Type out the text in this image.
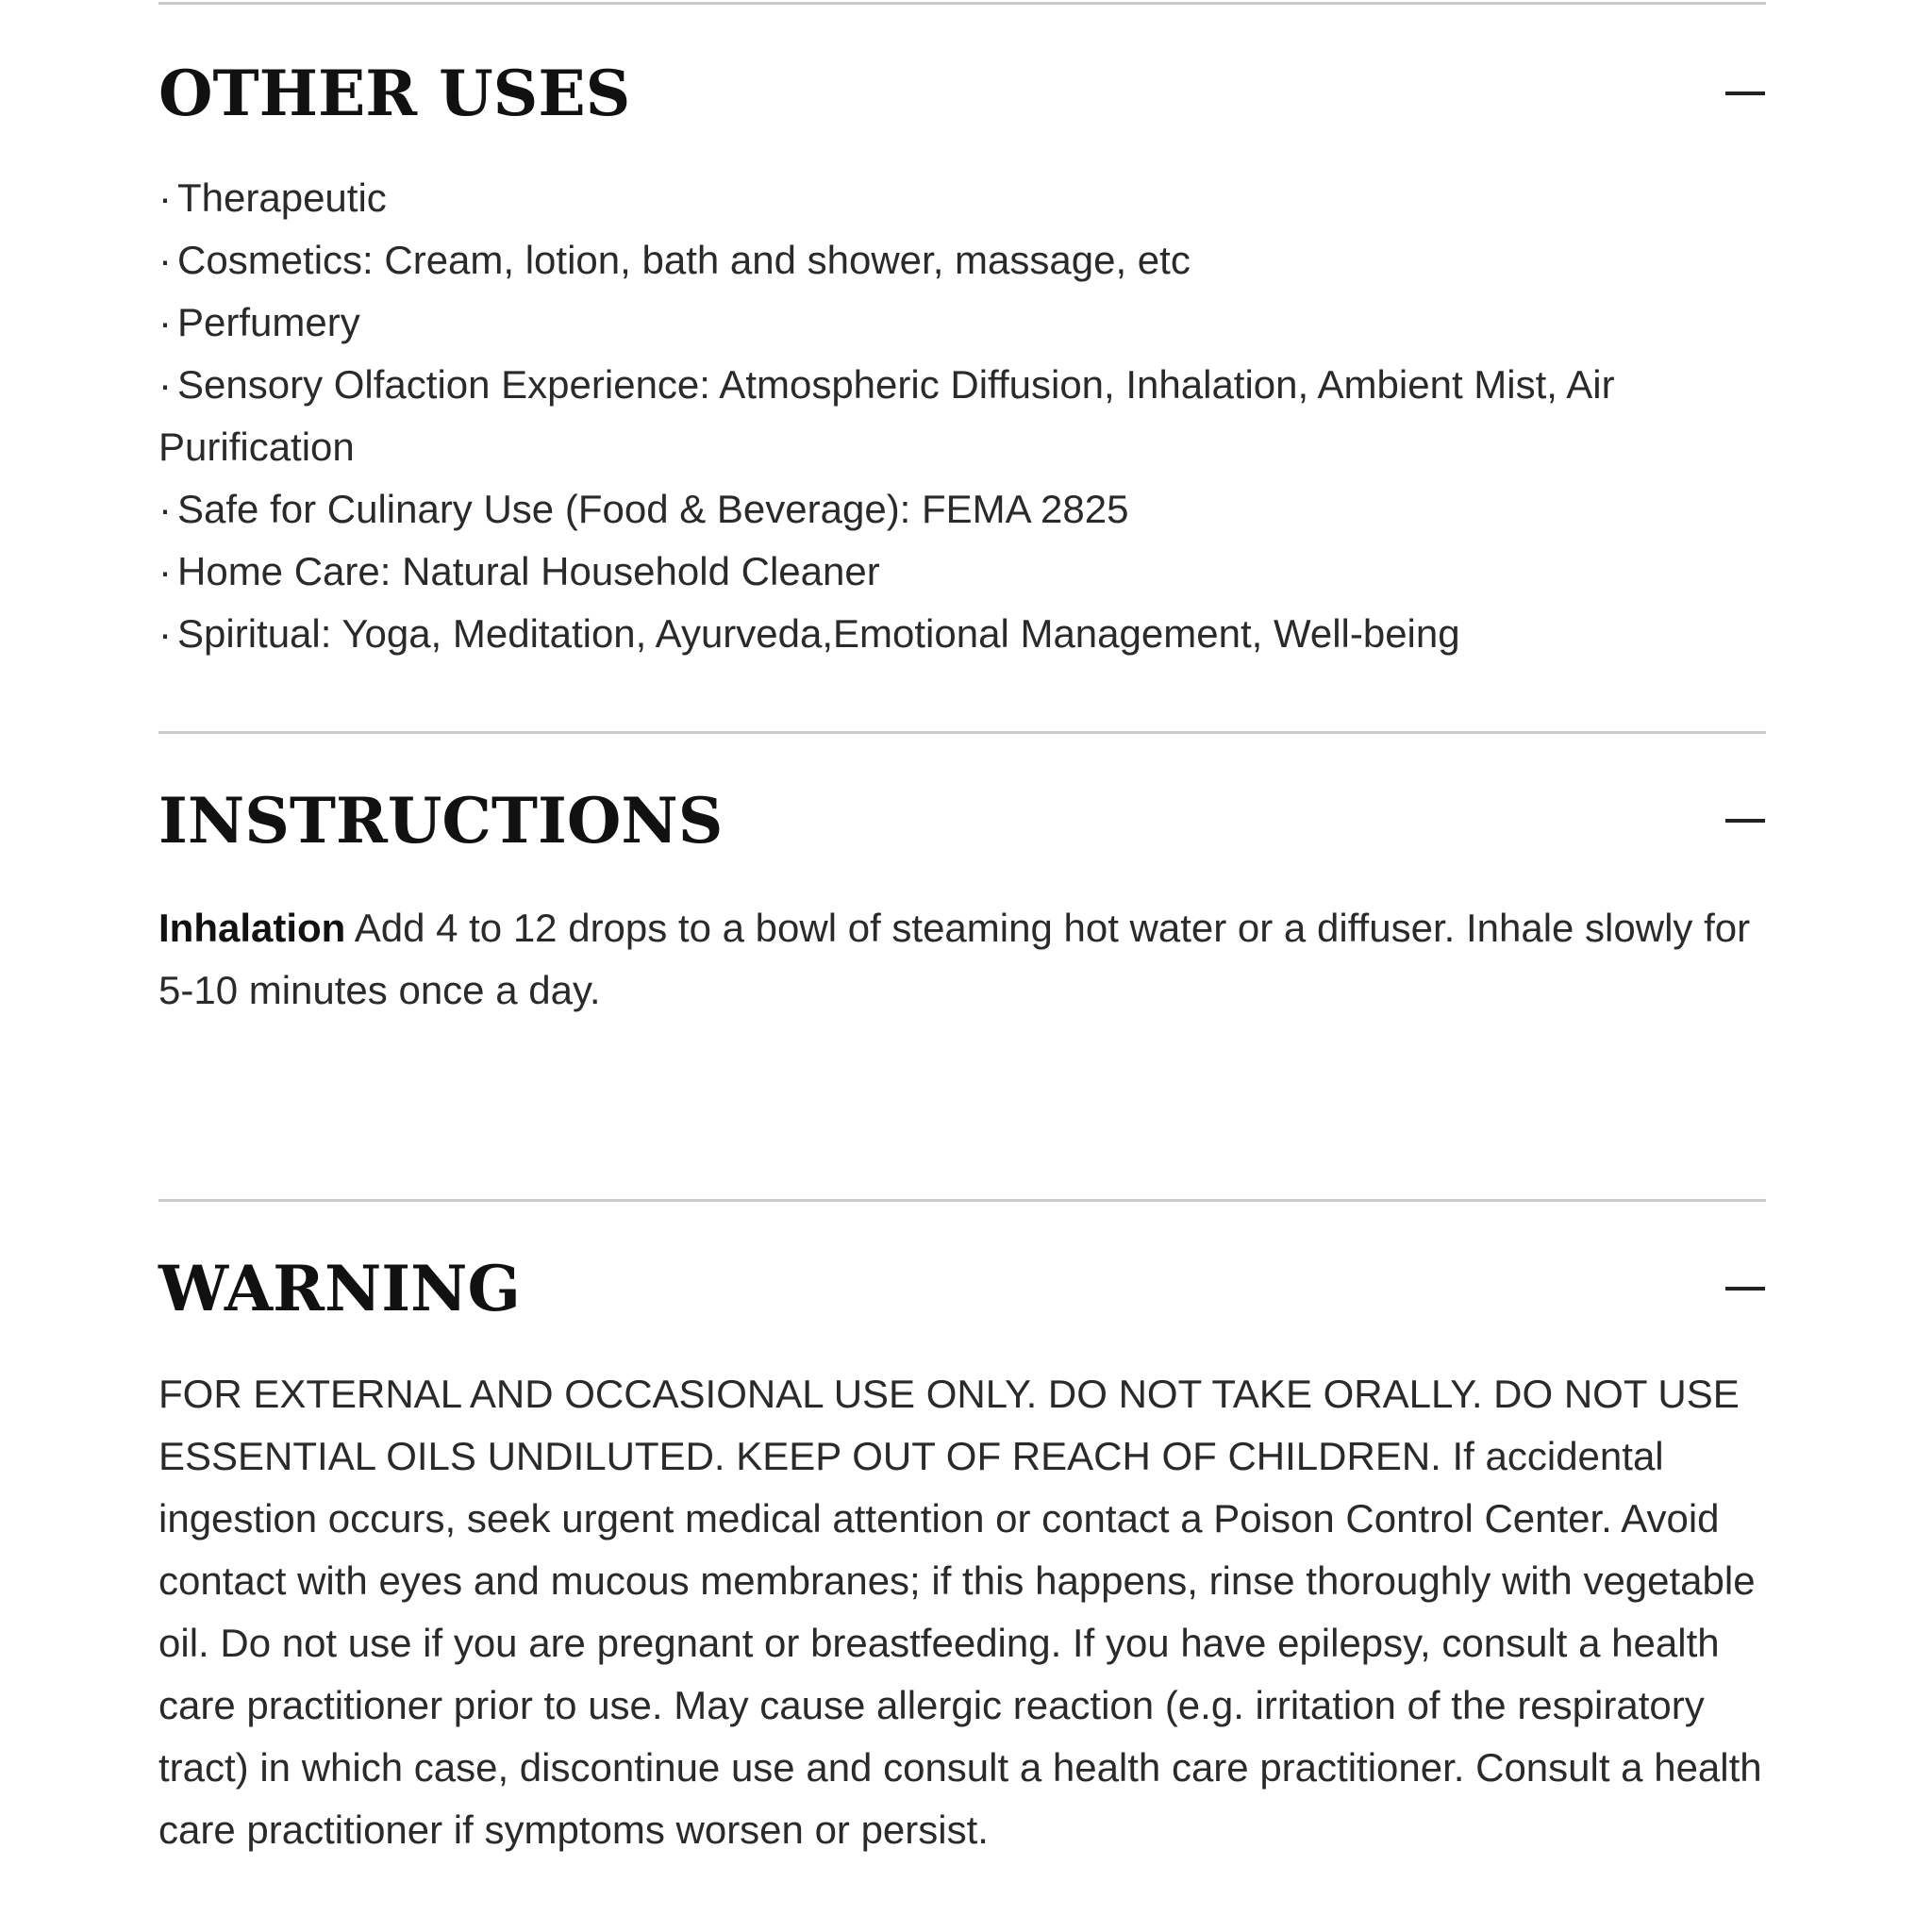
OTHER USES
· Therapeutic
· Cosmetics: Cream, lotion, bath and shower, massage, etc
· Perfumery
· Sensory Olfaction Experience: Atmospheric Diffusion, Inhalation, Ambient Mist, Air Purification
· Safe for Culinary Use (Food & Beverage): FEMA 2825
· Home Care: Natural Household Cleaner
· Spiritual: Yoga, Meditation, Ayurveda,Emotional Management, Well-being
INSTRUCTIONS

Inhalation Add 4 to 12 drops to a bowl of steaming hot water or a diffuser. Inhale slowly for 5-10 minutes once a day.

WARNING

FOR EXTERNAL AND OCCASIONAL USE ONLY. DO NOT TAKE ORALLY. DO NOT USE ESSENTIAL OILS UNDILUTED. KEEP OUT OF REACH OF CHILDREN. If accidental ingestion occurs, seek urgent medical attention or contact a Poison Control Center. Avoid contact with eyes and mucous membranes; if this happens, rinse thoroughly with vegetable oil. Do not use if you are pregnant or breastfeeding. If you have epilepsy, consult a health care practitioner prior to use. May cause allergic reaction (e.g. irritation of the respiratory tract) in which case, discontinue use and consult a health care practitioner. Consult a health care practitioner if symptoms worsen or persist.
